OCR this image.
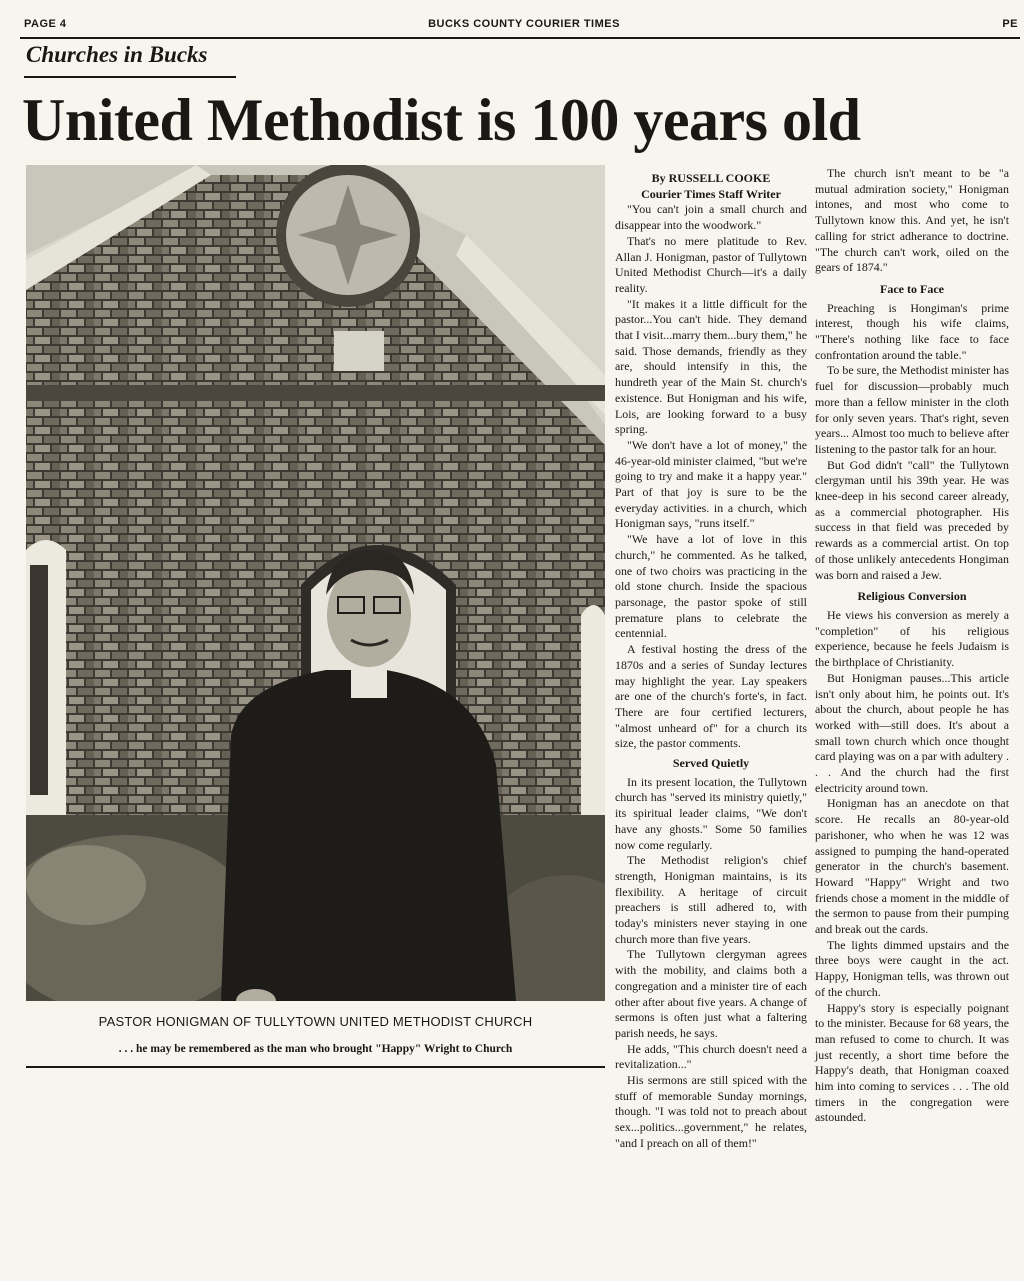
PAGE 4	BUCKS COUNTY COURIER TIMES	PE
Churches in Bucks
United Methodist is 100 years old
PASTOR HONIGMAN OF TULLYTOWN UNITED METHODIST CHURCH
. . . he may be remembered as the man who brought "Happy" Wright to Church

By RUSSELL COOKE

Courier Times Staff Writer

"You can't join a small church and disappear into the woodwork."

That's no mere platitude to Rev. Allan J. Honigman, pastor of Tullytown United Methodist Church—it's a daily reality.

"It makes it a little difficult for the pastor...You can't hide. They demand that I visit...marry them...bury them," he said. Those demands, friendly as they are, should intensify in this, the hundreth year of the Main St. church's existence. But Honigman and his wife, Lois, are looking forward to a busy spring.

"We don't have a lot of money," the 46-year-old minister claimed, "but we're going to try and make it a happy year." Part of that joy is sure to be the everyday activities. in a church, which Honigman says, "runs itself."

"We have a lot of love in this church," he commented. As he talked, one of two choirs was practicing in the old stone church. Inside the spacious parsonage, the pastor spoke of still premature plans to celebrate the centennial.

A festival hosting the dress of the 1870s and a series of Sunday lectures may highlight the year. Lay speakers are one of the church's forte's, in fact. There are four certified lecturers, "almost unheard of" for a church its size, the pastor comments.

Served Quietly

In its present location, the Tullytown church has "served its ministry quietly," its spiritual leader claims, "We don't have any ghosts." Some 50 families now come regularly.

The Methodist religion's chief strength, Honigman maintains, is its flexibility. A heritage of circuit preachers is still adhered to, with today's ministers never staying in one church more than five years.

The Tullytown clergyman agrees with the mobility, and claims both a congregation and a minister tire of each other after about five years. A change of sermons is often just what a faltering parish needs, he says.

He adds, "This church doesn't need a revitalization..."

His sermons are still spiced with the stuff of memorable Sunday mornings, though. "I was told not to preach about sex...politics...government," he relates, "and I preach on all of them!"

The church isn't meant to be "a mutual admiration society," Honigman intones, and most who come to Tullytown know this. And yet, he isn't calling for strict adherance to doctrine. "The church can't work, oiled on the gears of 1874."

Face to Face

Preaching is Hongiman's prime interest, though his wife claims, "There's nothing like face to face confrontation around the table."

To be sure, the Methodist minister has fuel for discussion—probably much more than a fellow minister in the cloth for only seven years. That's right, seven years... Almost too much to believe after listening to the pastor talk for an hour.

But God didn't "call" the Tullytown clergyman until his 39th year. He was knee-deep in his second career already, as a commercial photographer. His success in that field was preceded by rewards as a commercial artist. On top of those unlikely antecedents Hongiman was born and raised a Jew.

Religious Conversion

He views his conversion as merely a "completion" of his religious experience, because he feels Judaism is the birthplace of Christianity.

But Honigman pauses...This article isn't only about him, he points out. It's about the church, about people he has worked with—still does. It's about a small town church which once thought card playing was on a par with adultery . . . And the church had the first electricity around town.

Honigman has an anecdote on that score. He recalls an 80-year-old parishoner, who when he was 12 was assigned to pumping the hand-operated generator in the church's basement. Howard "Happy" Wright and two friends chose a moment in the middle of the sermon to pause from their pumping and break out the cards.

The lights dimmed upstairs and the three boys were caught in the act. Happy, Honigman tells, was thrown out of the church.

Happy's story is especially poignant to the minister. Because for 68 years, the man refused to come to church. It was just recently, a short time before the Happy's death, that Honigman coaxed him into coming to services . . . The old timers in the congregation were astounded.
